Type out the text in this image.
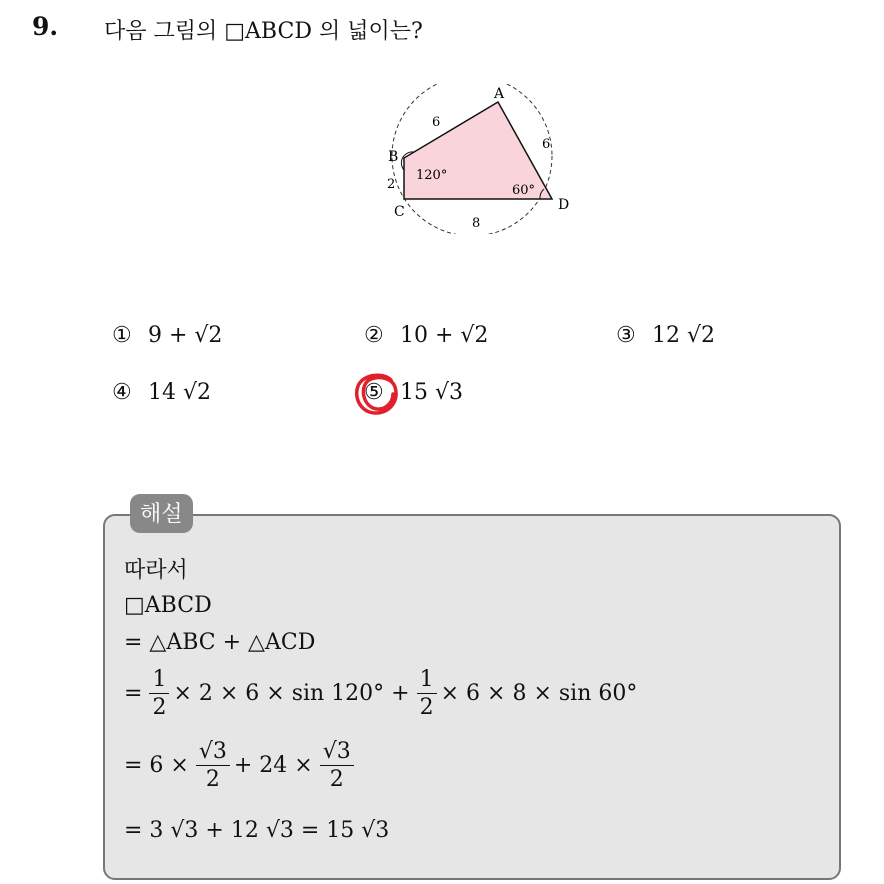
9. 다음 그림의 □ABCD 의 넓이는?
A
B
C	D
6
6
2
8
120°
60°
① 9 + √2	② 10 + √2	③ 12 √2
④ 14 √2	⑤ 15 √3
해설
따라서
□ABCD
= △ABC + △ACD
= $\frac{1}{2} \times 2 \times 6 \times \sin 120^\circ + \frac{1}{2} \times 6 \times 8 \times \sin 60^\circ$
= $6 \times \frac{√3}{2} + 24 \times \frac{√3}{2}$
= 3 √3 + 12 √3 = 15 √3
